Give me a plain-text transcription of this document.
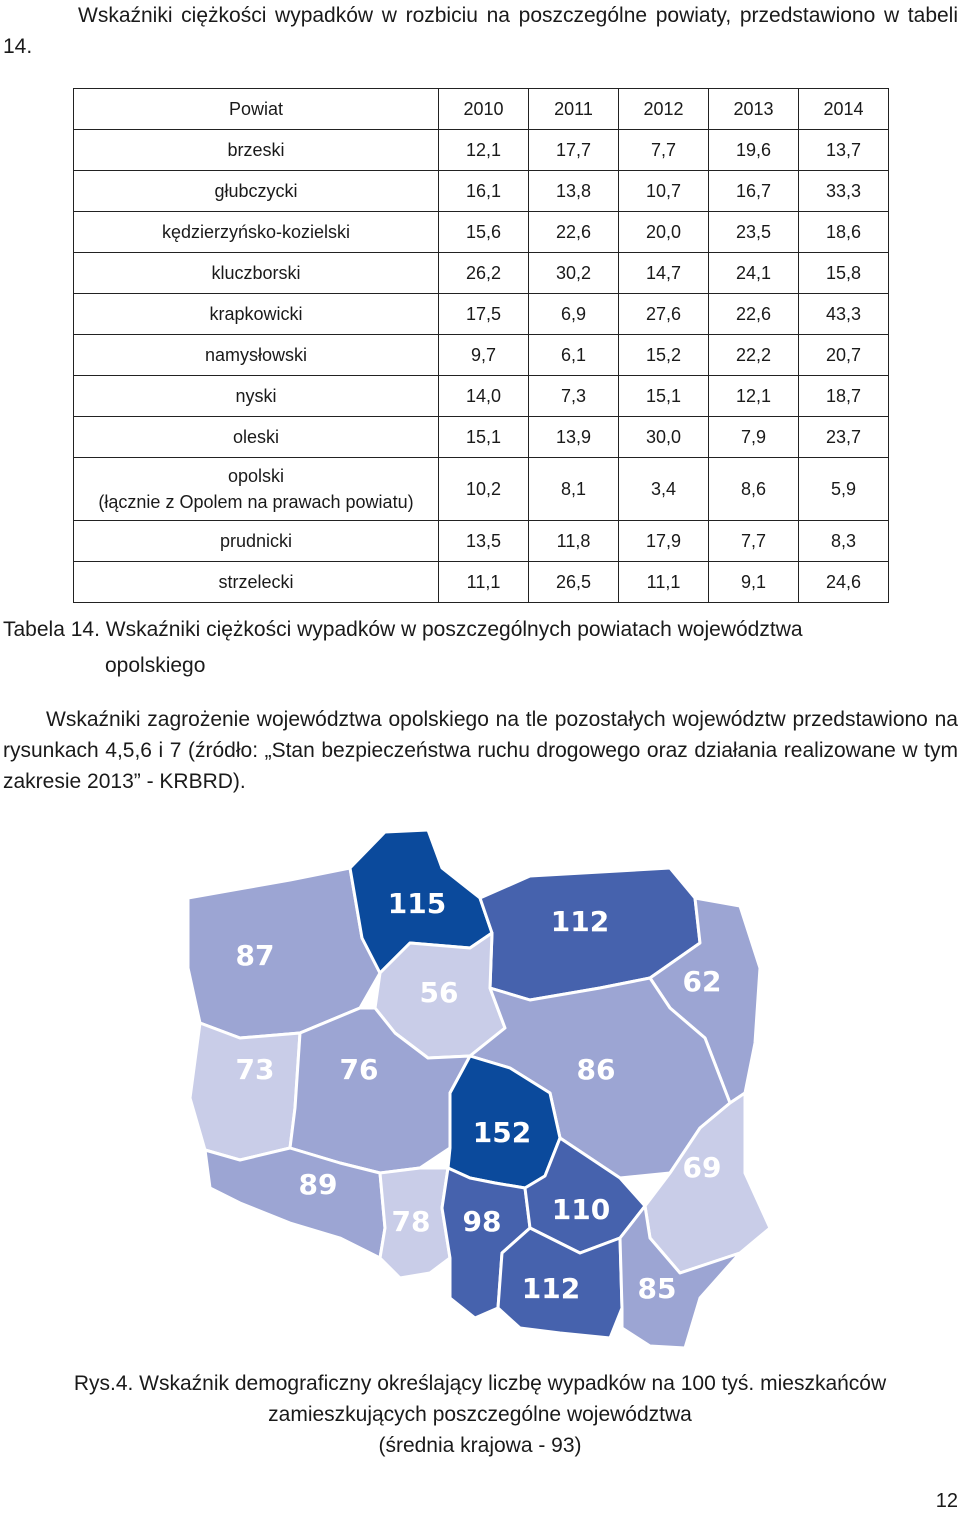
Wskaźniki ciężkości wypadków w rozbiciu na poszczególne powiaty, przedstawiono w tabeli 14.
Powiat	2010	2011	2012	2013	2014
brzeski	12,1	17,7	7,7	19,6	13,7
głubczycki	16,1	13,8	10,7	16,7	33,3
kędzierzyńsko-kozielski	15,6	22,6	20,0	23,5	18,6
kluczborski	26,2	30,2	14,7	24,1	15,8
krapkowicki	17,5	6,9	27,6	22,6	43,3
namysłowski	9,7	6,1	15,2	22,2	20,7
nyski	14,0	7,3	15,1	12,1	18,7
oleski	15,1	13,9	30,0	7,9	23,7
opolski
(łącznie z Opolem na prawach powiatu)	10,2	8,1	3,4	8,6	5,9
prudnicki	13,5	11,8	17,9	7,7	8,3
strzelecki	11,1	26,5	11,1	9,1	24,6
Tabela 14. Wskaźniki ciężkości wypadków w poszczególnych powiatach województwa
opolskiego
Wskaźniki zagrożenie województwa opolskiego na tle pozostałych województw przedstawiono na rysunkach 4,5,6 i 7 (źródło: „Stan bezpieczeństwa ruchu drogowego oraz działania realizowane w tym zakresie 2013” - KRBRD).
87
115
112
62
56
73 76	86
152
69
89
78 98 110
112 85
Rys.4. Wskaźnik demograficzny określający liczbę wypadków na 100 tyś. mieszkańców
zamieszkujących poszczególne województwa
(średnia krajowa - 93)
12
